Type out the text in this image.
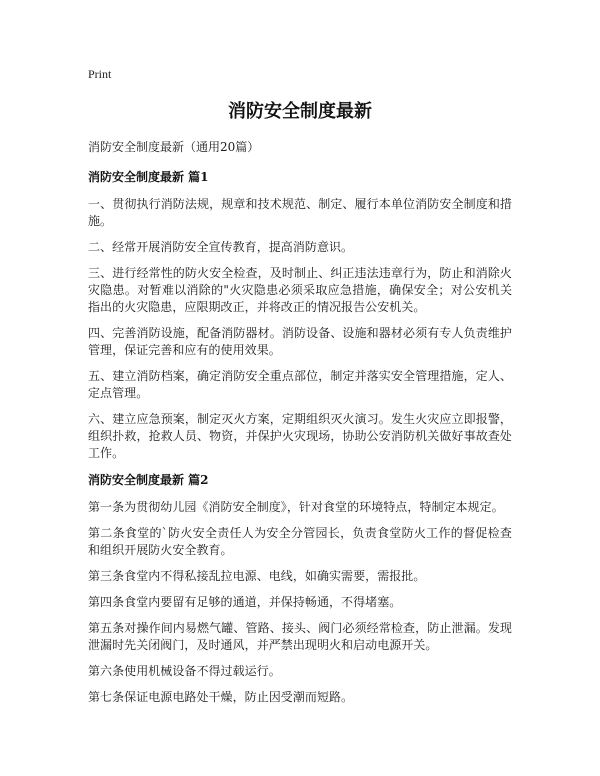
Print
消防安全制度最新
消防安全制度最新（通用20篇）
消防安全制度最新 篇1

一、贯彻执行消防法规，规章和技术规范、制定、履行本单位消防安全制度和措施。

二、经常开展消防安全宣传教育，提高消防意识。

三、进行经常性的防火安全检查，及时制止、纠正违法违章行为，防止和消除火灾隐患。对暂难以消除的"火灾隐患必须采取应急措施，确保安全；对公安机关指出的火灾隐患，应限期改正，并将改正的情况报告公安机关。

四、完善消防设施，配备消防器材。消防设备、设施和器材必须有专人负责维护管理，保证完善和应有的使用效果。

五、建立消防档案，确定消防安全重点部位，制定并落实安全管理措施，定人、定点管理。

六、建立应急预案，制定灭火方案，定期组织灭火演习。发生火灾应立即报警，组织扑救，抢救人员、物资，并保护火灾现场，协助公安消防机关做好事故查处工作。

消防安全制度最新 篇2

第一条为贯彻幼儿园《消防安全制度》，针对食堂的环境特点，特制定本规定。

第二条食堂的`防火安全责任人为安全分管园长，负责食堂防火工作的督促检查和组织开展防火安全教育。

第三条食堂内不得私接乱拉电源、电线，如确实需要，需报批。

第四条食堂内要留有足够的通道，并保持畅通，不得堵塞。

第五条对操作间内易燃气罐、管路、接头、阀门必须经常检查，防止泄漏。发现泄漏时先关闭阀门，及时通风，并严禁出现明火和启动电源开关。

第六条使用机械设备不得过载运行。

第七条保证电源电路处干燥，防止因受潮而短路。
